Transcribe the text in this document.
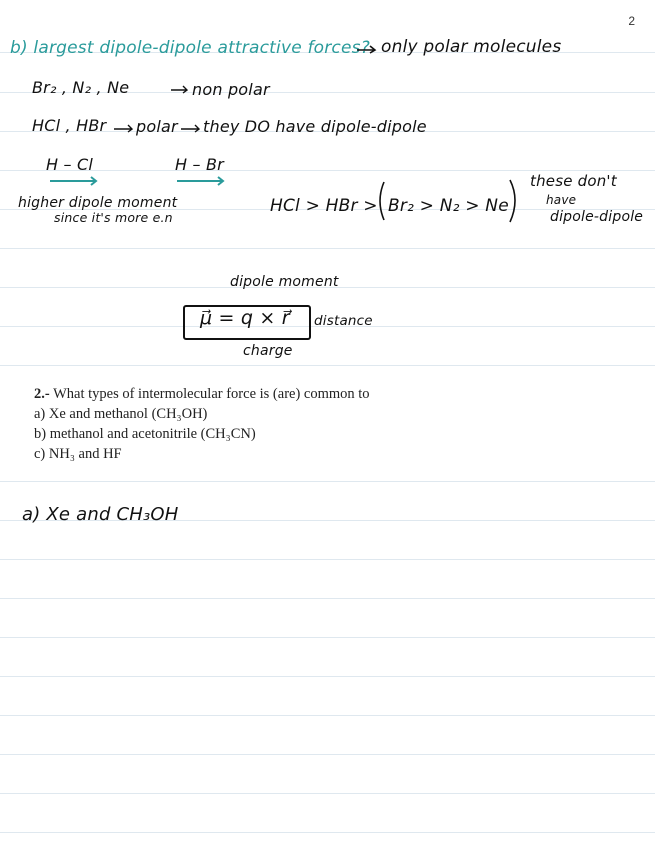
2
b) largest dipole-dipole attractive forces? only polar molecules
Br₂ , N₂ , Ne	non polar
HCl , HBr polar they DO have dipole-dipole
H – Cl	H – Br
higher dipole moment
since it's more e.n
HCl > HBr > Br₂ > N₂ > Ne
these don't
have
dipole-dipole
dipole moment
μ⃗ = q × r⃗ distance
charge
2.- What types of intermolecular force is (are) common to
a) Xe and methanol (CH₃OH)
b) methanol and acetonitrile (CH₃CN)
c) NH₃ and HF
a) Xe and CH₃OH
